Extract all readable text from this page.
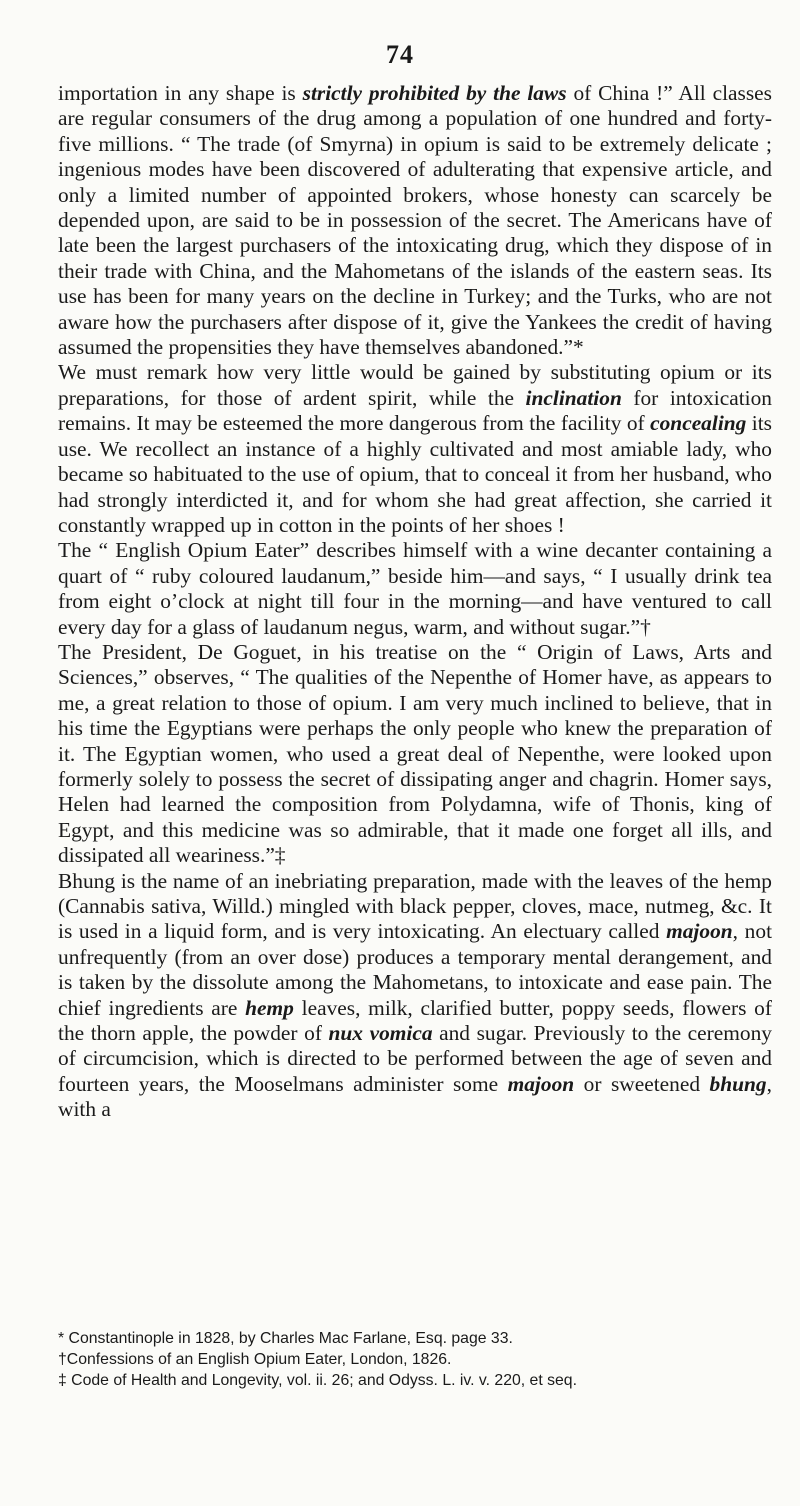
74

importation in any shape is strictly prohibited by the laws of China !” All classes are regular consumers of the drug among a population of one hundred and forty-five millions. “ The trade (of Smyrna) in opium is said to be extremely delicate ; ingenious modes have been discovered of adulterating that expensive article, and only a limited number of appointed brokers, whose honesty can scarcely be depended upon, are said to be in possession of the secret. The Americans have of late been the largest purchasers of the intoxicating drug, which they dispose of in their trade with China, and the Mahometans of the islands of the eastern seas. Its use has been for many years on the decline in Turkey; and the Turks, who are not aware how the purchasers after dispose of it, give the Yankees the credit of having assumed the propensities they have themselves abandoned.”*

We must remark how very little would be gained by substituting opium or its preparations, for those of ardent spirit, while the inclination for intoxication remains. It may be esteemed the more dangerous from the facility of concealing its use. We recollect an instance of a highly cultivated and most amiable lady, who became so habituated to the use of opium, that to conceal it from her husband, who had strongly interdicted it, and for whom she had great affection, she carried it constantly wrapped up in cotton in the points of her shoes !

The “ English Opium Eater” describes himself with a wine decanter containing a quart of “ ruby coloured laudanum,” beside him—and says, “ I usually drink tea from eight o’clock at night till four in the morning—and have ventured to call every day for a glass of laudanum negus, warm, and without sugar.”†

The President, De Goguet, in his treatise on the “ Origin of Laws, Arts and Sciences,” observes, “ The qualities of the Nepenthe of Homer have, as appears to me, a great relation to those of opium. I am very much inclined to believe, that in his time the Egyptians were perhaps the only people who knew the preparation of it. The Egyptian women, who used a great deal of Nepenthe, were looked upon formerly solely to possess the secret of dissipating anger and chagrin. Homer says, Helen had learned the composition from Polydamna, wife of Thonis, king of Egypt, and this medicine was so admirable, that it made one forget all ills, and dissipated all weariness.”‡

Bhung is the name of an inebriating preparation, made with the leaves of the hemp (Cannabis sativa, Willd.) mingled with black pepper, cloves, mace, nutmeg, &c. It is used in a liquid form, and is very intoxicating. An electuary called majoon, not unfrequently (from an over dose) produces a temporary mental derangement, and is taken by the dissolute among the Mahometans, to intoxicate and ease pain. The chief ingredients are hemp leaves, milk, clarified butter, poppy seeds, flowers of the thorn apple, the powder of nux vomica and sugar. Previously to the ceremony of circumcision, which is directed to be performed between the age of seven and fourteen years, the Mooselmans administer some majoon or sweetened bhung, with a

* Constantinople in 1828, by Charles Mac Farlane, Esq. page 33.

†Confessions of an English Opium Eater, London, 1826.

‡ Code of Health and Longevity, vol. ii. 26; and Odyss. L. iv. v. 220, et seq.
